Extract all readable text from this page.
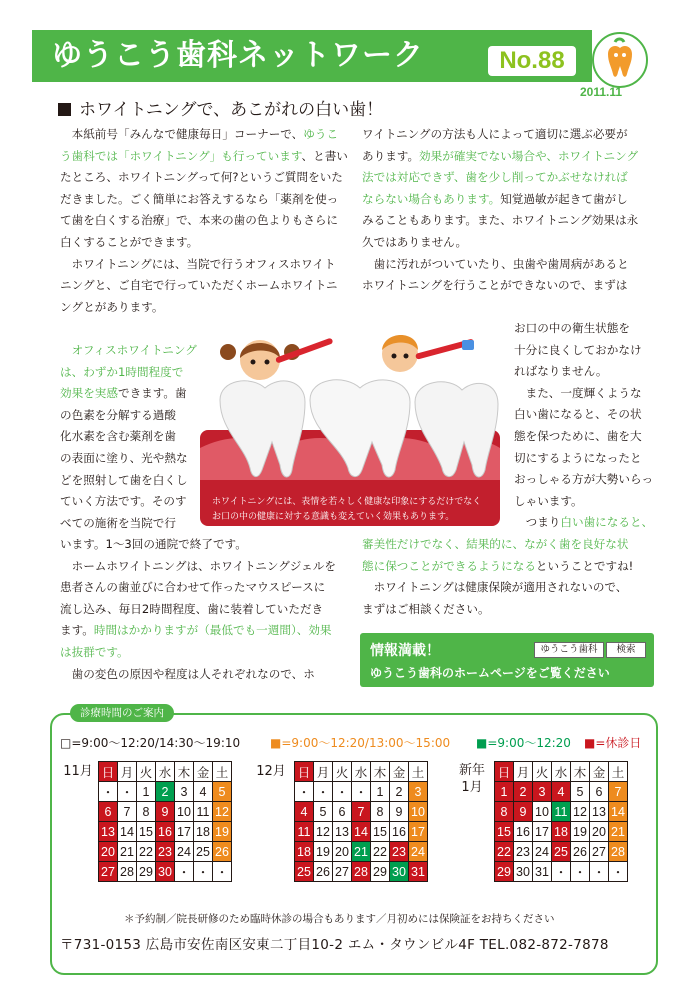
ゆうこう歯科ネットワーク	No.88
2011.11
ホワイトニングで、あこがれの白い歯！

　本紙前号「みんなで健康毎日」コーナーで、ゆうこ

う歯科では「ホワイトニング」も行っています、と書い

たところ、ホワイトニングって何?というご質問をいた

だきました。ごく簡単にお答えするなら「薬剤を使っ

て歯を白くする治療」で、本来の歯の色よりもさらに

白くすることができます。

　ホワイトニングには、当院で行うオフィスホワイト

ニングと、ご自宅で行っていただくホームホワイトニ

ングとがあります。

　オフィスホワイトニング

は、わずか1時間程度で

効果を実感できます。歯

の色素を分解する過酸

化水素を含む薬剤を歯

の表面に塗り、光や熱な

どを照射して歯を白くし

ていく方法です。そのす

べての施術を当院で行

います。1〜3回の通院で終了です。

　ホームホワイトニングは、ホワイトニングジェルを

患者さんの歯並びに合わせて作ったマウスピースに

流し込み、毎日2時間程度、歯に装着していただき

ます。時間はかかりますが（最低でも一週間）、効果

は抜群です。

　歯の変色の原因や程度は人それぞれなので、ホ

ワイトニングの方法も人によって適切に選ぶ必要が

あります。効果が確実でない場合や、ホワイトニング

法では対応できず、歯を少し削ってかぶせなければ

ならない場合もあります。知覚過敏が起きて歯がし

みることもあります。また、ホワイトニング効果は永

久ではありません。

　歯に汚れがついていたり、虫歯や歯周病があると

ホワイトニングを行うことができないので、まずは

お口の中の衛生状態を

十分に良くしておかなけ

ればなりません。

　また、一度輝くような

白い歯になると、その状

態を保つために、歯を大

切にするようになったと

おっしゃる方が大勢いらっ

しゃいます。

　つまり白い歯になると、

審美性だけでなく、結果的に、ながく歯を良好な状

態に保つことができるようになるということですね!

　ホワイトニングは健康保険が適用されないので、

まずはご相談ください。

ホワイトニングには、表情を若々しく健康な印象にするだけでなく
お口の中の健康に対する意識も変えていく効果もあります。
情報満載！	ゆうこう歯科	検索
ゆうこう歯科のホームページをご覧ください
診療時間のご案内
□=9:00〜12:20/14:30〜19:10 ■=9:00〜12:20/13:00〜15:00 ■=9:00〜12:20 ■=休診日
11月 日	月	火	水	木	金	土
・	・	1	2	3	4	5
6	7	8	9	10	11	12
13	14	15	16	17	18	19
20	21	22	23	24	25	26
27	28	29	30	・	・	・
12月 日	月	火	水	木	金	土
・	・	・	・	1	2	3
4	5	6	7	8	9	10
11	12	13	14	15	16	17
18	19	20	21	22	23	24
25	26	27	28	29	30	31
新年
1月
日	月	火	水	木	金	土
1	2	3	4	5	6	7
8	9	10	11	12	13	14
15	16	17	18	19	20	21
22	23	24	25	26	27	28
29	30	31	・	・	・	・
＊予約制／院長研修のため臨時休診の場合もあります／月初めには保険証をお持ちください
〒731-0153 広島市安佐南区安東二丁目10-2 エム・タウンビル4F TEL.082-872-7878
